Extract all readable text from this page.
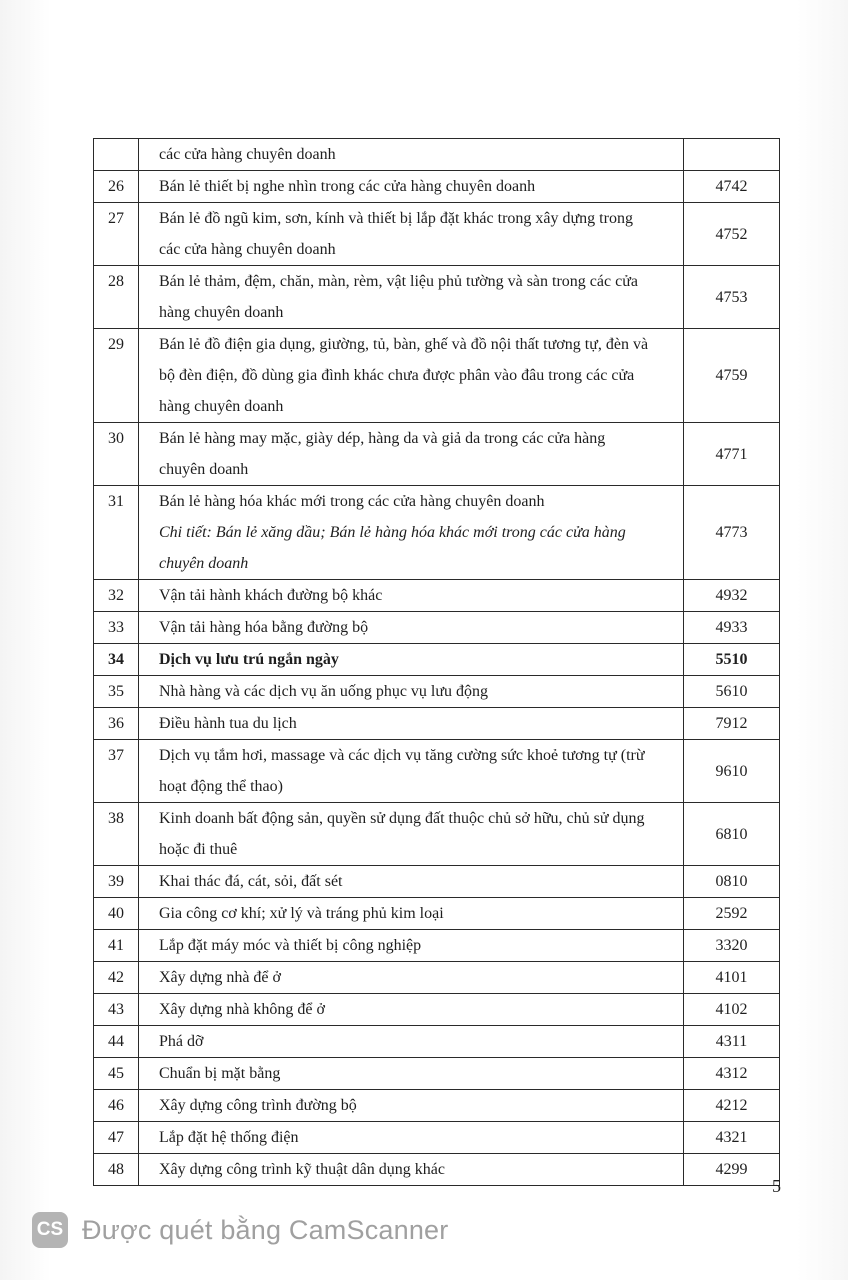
	các cửa hàng chuyên doanh	

26	Bán lẻ thiết bị nghe nhìn trong các cửa hàng chuyên doanh	4742
27	Bán lẻ đồ ngũ kim, sơn, kính và thiết bị lắp đặt khác trong xây dựng trong
các cửa hàng chuyên doanh	4752
28	Bán lẻ thảm, đệm, chăn, màn, rèm, vật liệu phủ tường và sàn trong các cửa
hàng chuyên doanh	4753
29	Bán lẻ đồ điện gia dụng, giường, tủ, bàn, ghế và đồ nội thất tương tự, đèn và
bộ đèn điện, đồ dùng gia đình khác chưa được phân vào đâu trong các cửa
hàng chuyên doanh	4759
30	Bán lẻ hàng may mặc, giày dép, hàng da và giả da trong các cửa hàng
chuyên doanh	4771
31	Bán lẻ hàng hóa khác mới trong các cửa hàng chuyên doanh
Chi tiết: Bán lẻ xăng dầu; Bán lẻ hàng hóa khác mới trong các cửa hàng
chuyên doanh	4773
32	Vận tải hành khách đường bộ khác	4932
33	Vận tải hàng hóa bằng đường bộ	4933
34	Dịch vụ lưu trú ngắn ngày	5510
35	Nhà hàng và các dịch vụ ăn uống phục vụ lưu động	5610
36	Điều hành tua du lịch	7912
37	Dịch vụ tắm hơi, massage và các dịch vụ tăng cường sức khoẻ tương tự (trừ
hoạt động thể thao)	9610
38	Kinh doanh bất động sản, quyền sử dụng đất thuộc chủ sở hữu, chủ sử dụng
hoặc đi thuê	6810
39	Khai thác đá, cát, sỏi, đất sét	0810
40	Gia công cơ khí; xử lý và tráng phủ kim loại	2592
41	Lắp đặt máy móc và thiết bị công nghiệp	3320
42	Xây dựng nhà để ở	4101
43	Xây dựng nhà không để ở	4102
44	Phá dỡ	4311
45	Chuẩn bị mặt bằng	4312
46	Xây dựng công trình đường bộ	4212
47	Lắp đặt hệ thống điện	4321
48	Xây dựng công trình kỹ thuật dân dụng khác	4299
5
CS Được quét bằng CamScanner
